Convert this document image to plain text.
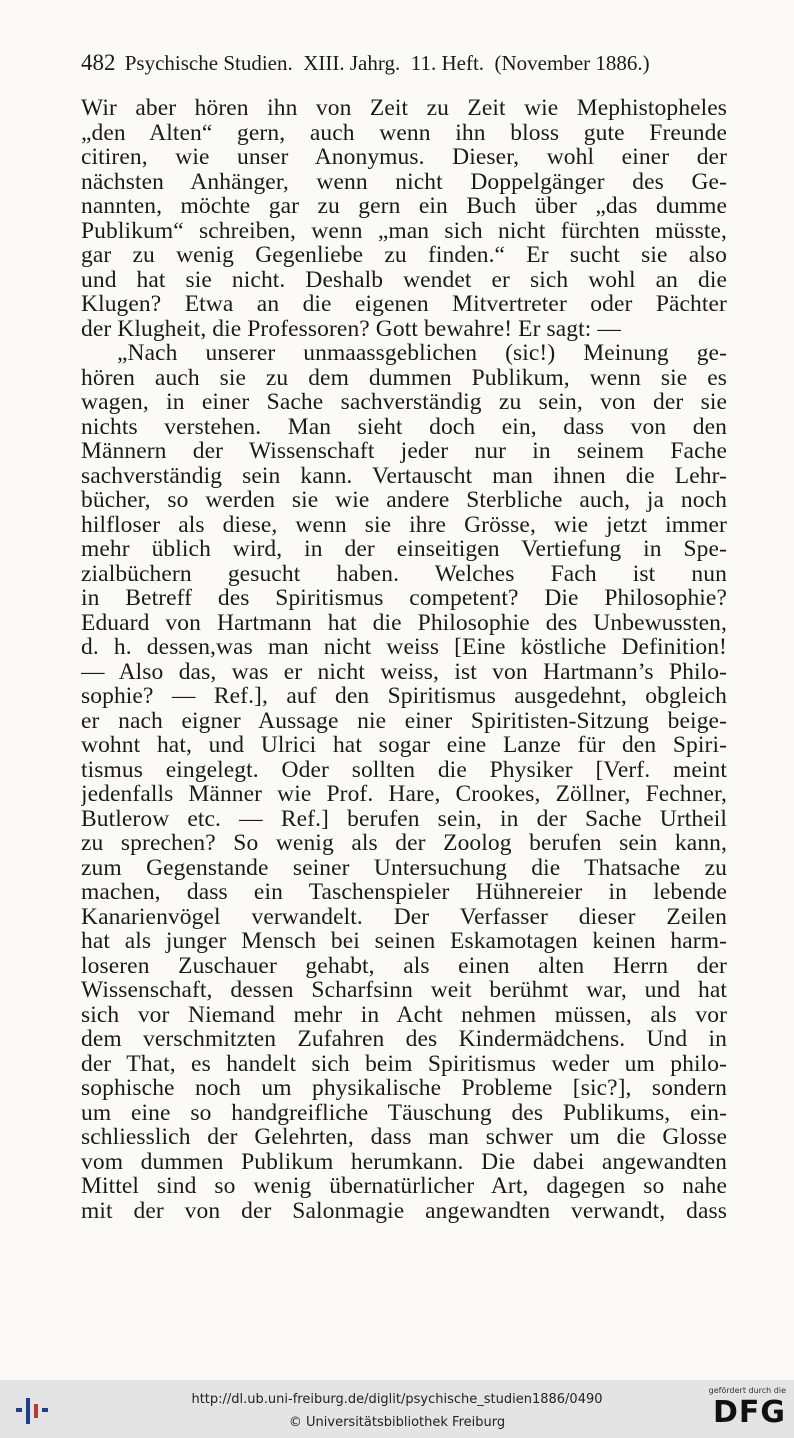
482 Psychische Studien.  XIII. Jahrg.  11. Heft.  (November 1886.)
Wir aber hören ihn von Zeit zu Zeit wie Mephistopheles
„den Alten“ gern, auch wenn ihn bloss gute Freunde
citiren, wie unser Anonymus. Dieser, wohl einer der
nächsten Anhänger, wenn nicht Doppelgänger des Ge-
nannten, möchte gar zu gern ein Buch über „das dumme
Publikum“ schreiben, wenn „man sich nicht fürchten müsste,
gar zu wenig Gegenliebe zu finden.“ Er sucht sie also
und hat sie nicht. Deshalb wendet er sich wohl an die
Klugen? Etwa an die eigenen Mitvertreter oder Pächter
der Klugheit, die Professoren? Gott bewahre! Er sagt: —
„Nach unserer unmaassgeblichen (sic!) Meinung ge-
hören auch sie zu dem dummen Publikum, wenn sie es
wagen, in einer Sache sachverständig zu sein, von der sie
nichts verstehen. Man sieht doch ein, dass von den
Männern der Wissenschaft jeder nur in seinem Fache
sachverständig sein kann. Vertauscht man ihnen die Lehr-
bücher, so werden sie wie andere Sterbliche auch, ja noch
hilfloser als diese, wenn sie ihre Grösse, wie jetzt immer
mehr üblich wird, in der einseitigen Vertiefung in Spe-
zialbüchern gesucht haben. Welches Fach ist nun
in Betreff des Spiritismus competent? Die Philosophie?
Eduard von Hartmann hat die Philosophie des Unbewussten,
d. h. dessen,was man nicht weiss [Eine köstliche Definition!
— Also das, was er nicht weiss, ist von Hartmann’s Philo-
sophie? — Ref.], auf den Spiritismus ausgedehnt, obgleich
er nach eigner Aussage nie einer Spiritisten-Sitzung beige-
wohnt hat, und Ulrici hat sogar eine Lanze für den Spiri-
tismus eingelegt. Oder sollten die Physiker [Verf. meint
jedenfalls Männer wie Prof. Hare, Crookes, Zöllner, Fechner,
Butlerow etc. — Ref.] berufen sein, in der Sache Urtheil
zu sprechen? So wenig als der Zoolog berufen sein kann,
zum Gegenstande seiner Untersuchung die Thatsache zu
machen, dass ein Taschenspieler Hühnereier in lebende
Kanarienvögel verwandelt. Der Verfasser dieser Zeilen
hat als junger Mensch bei seinen Eskamotagen keinen harm-
loseren Zuschauer gehabt, als einen alten Herrn der
Wissenschaft, dessen Scharfsinn weit berühmt war, und hat
sich vor Niemand mehr in Acht nehmen müssen, als vor
dem verschmitzten Zufahren des Kindermädchens. Und in
der That, es handelt sich beim Spiritismus weder um philo-
sophische noch um physikalische Probleme [sic?], sondern
um eine so handgreifliche Täuschung des Publikums, ein-
schliesslich der Gelehrten, dass man schwer um die Glosse
vom dummen Publikum herumkann. Die dabei angewandten
Mittel sind so wenig übernatürlicher Art, dagegen so nahe
mit der von der Salonmagie angewandten verwandt, dass
http://dl.ub.uni-freiburg.de/diglit/psychische_studien1886/0490
© Universitätsbibliothek Freiburg
gefördert durch die
DFG
